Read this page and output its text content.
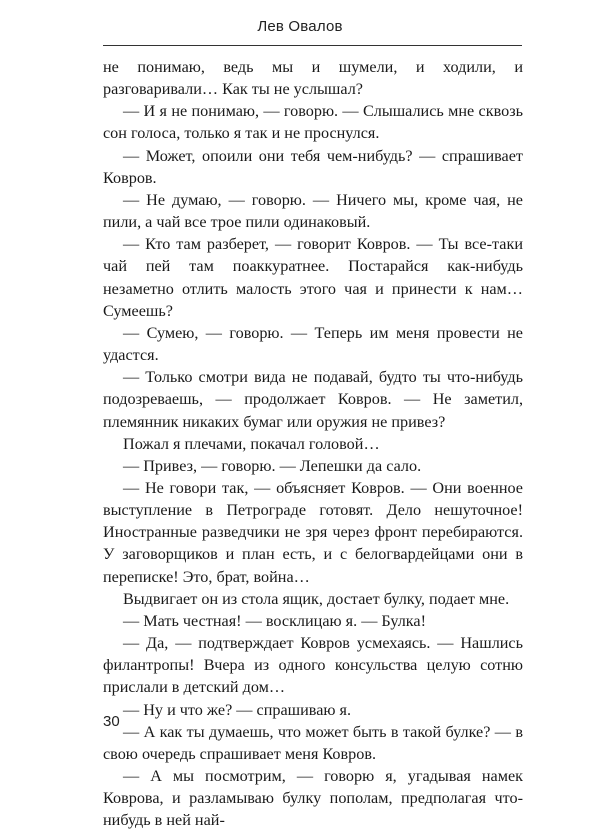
Лев Овалов

не понимаю, ведь мы и шумели, и ходили, и разговаривали… Как ты не услышал?

— И я не понимаю, — говорю. — Слышались мне сквозь сон голоса, только я так и не проснулся.

— Может, опоили они тебя чем-нибудь? — спрашивает Ковров.

— Не думаю, — говорю. — Ничего мы, кроме чая, не пили, а чай все трое пили одинаковый.

— Кто там разберет, — говорит Ковров. — Ты все-таки чай пей там поаккуратнее. Постарайся как-нибудь незаметно отлить малость этого чая и принести к нам… Сумеешь?

— Сумею, — говорю. — Теперь им меня провести не удастся.

— Только смотри вида не подавай, будто ты что-нибудь подозреваешь, — продолжает Ковров. — Не заметил, племянник никаких бумаг или оружия не привез?

Пожал я плечами, покачал головой…

— Привез, — говорю. — Лепешки да сало.

— Не говори так, — объясняет Ковров. — Они военное выступление в Петрограде готовят. Дело нешуточное! Иностранные разведчики не зря через фронт перебираются. У заговорщиков и план есть, и с белогвардейцами они в переписке! Это, брат, война…

Выдвигает он из стола ящик, достает булку, подает мне.

— Мать честная! — восклицаю я. — Булка!

— Да, — подтверждает Ковров усмехаясь. — Нашлись филантропы! Вчера из одного консульства целую сотню прислали в детский дом…

— Ну и что же? — спрашиваю я.

— А как ты думаешь, что может быть в такой булке? — в свою очередь спрашивает меня Ковров.

— А мы посмотрим, — говорю я, угадывая намек Коврова, и разламываю булку пополам, предполагая что-нибудь в ней най-

30
